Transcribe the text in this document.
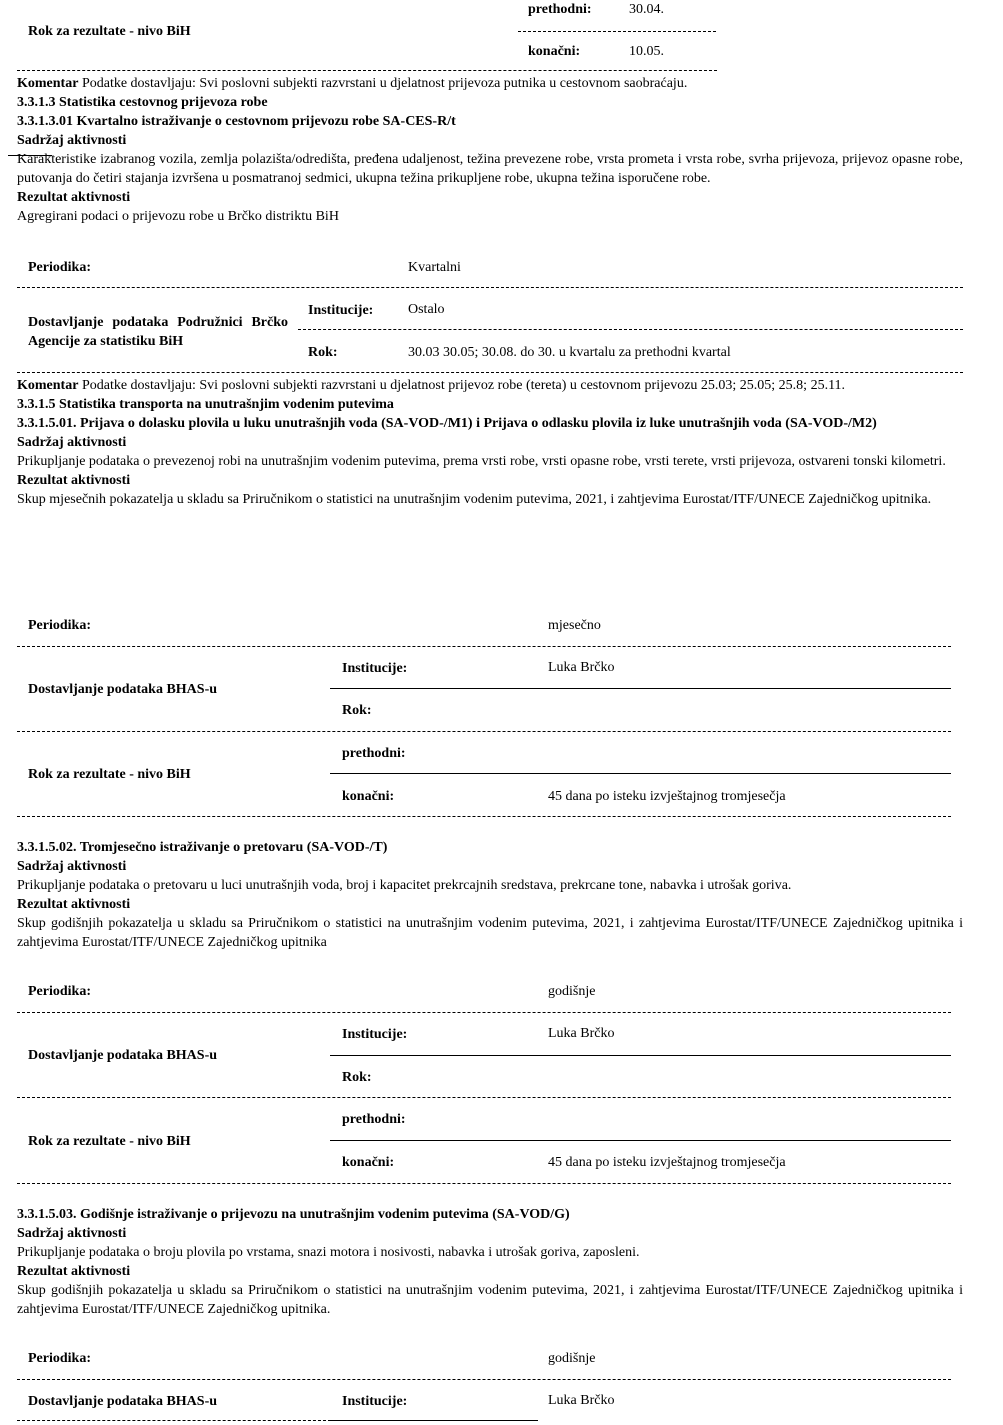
Rok za rezultate - nivo BiH
prethodni:	30.04.
konačni:	10.05.

Komentar Podatke dostavljaju: Svi poslovni subjekti razvrstani u djelatnost prijevoza putnika u cestovnom saobraćaju.

3.3.1.3 Statistika cestovnog prijevoza robe

3.3.1.3.01 Kvartalno istraživanje o cestovnom prijevozu robe SA-CES-R/t

Sadržaj aktivnosti

Karakteristike izabranog vozila, zemlja polazišta/odredišta, pređena udaljenost, težina prevezene robe, vrsta prometa i vrsta robe, svrha prijevoza, prijevoz opasne robe, putovanja do četiri stajanja izvršena u posmatranoj sedmici, ukupna težina prikupljene robe, ukupna težina isporučene robe.

Rezultat aktivnosti

Agregirani podaci o prijevozu robe u Brčko distriktu BiH

Periodika:	Kvartalni
Dostavljanje podataka Podružnici Brčko Agencije za statistiku BiH
Institucije: Ostalo
Rok:	30.03 30.05; 30.08. do 30. u kvartalu za prethodni kvartal

Komentar Podatke dostavljaju: Svi poslovni subjekti razvrstani u djelatnost prijevoz robe (tereta) u cestovnom prijevozu 25.03; 25.05; 25.8; 25.11.

3.3.1.5 Statistika transporta na unutrašnjim vodenim putevima

3.3.1.5.01. Prijava o dolasku plovila u luku unutrašnjih voda (SA-VOD-/M1) i Prijava o odlasku plovila iz luke unutrašnjih voda (SA-VOD-/M2)

Sadržaj aktivnosti

Prikupljanje podataka o prevezenoj robi na unutrašnjim vodenim putevima, prema vrsti robe, vrsti opasne robe, vrsti terete, vrsti prijevoza, ostvareni tonski kilometri.

Rezultat aktivnosti

Skup mjesečnih pokazatelja u skladu sa Priručnikom o statistici na unutrašnjim vodenim putevima, 2021, i zahtjevima Eurostat/ITF/UNECE Zajedničkog upitnika.

Periodika:	mjesečno
Dostavljanje podataka BHAS-u
Institucije:	Luka Brčko
Rok:
Rok za rezultate - nivo BiH
prethodni:
konačni:	45 dana po isteku izvještajnog tromjesečja

3.3.1.5.02. Tromjesečno istraživanje o pretovaru (SA-VOD-/T)

Sadržaj aktivnosti

Prikupljanje podataka o pretovaru u luci unutrašnjih voda, broj i kapacitet prekrcajnih sredstava, prekrcane tone, nabavka i utrošak goriva.

Rezultat aktivnosti

Skup godišnjih pokazatelja u skladu sa Priručnikom o statistici na unutrašnjim vodenim putevima, 2021, i zahtjevima Eurostat/ITF/UNECE Zajedničkog upitnika i zahtjevima Eurostat/ITF/UNECE Zajedničkog upitnika

Periodika:	godišnje
Dostavljanje podataka BHAS-u
Institucije:	Luka Brčko
Rok:
Rok za rezultate - nivo BiH
prethodni:
konačni:	45 dana po isteku izvještajnog tromjesečja

3.3.1.5.03. Godišnje istraživanje o prijevozu na unutrašnjim vodenim putevima (SA-VOD/G)

Sadržaj aktivnosti

Prikupljanje podataka o broju plovila po vrstama, snazi motora i nosivosti, nabavka i utrošak goriva, zaposleni.

Rezultat aktivnosti

Skup godišnjih pokazatelja u skladu sa Priručnikom o statistici na unutrašnjim vodenim putevima, 2021, i zahtjevima Eurostat/ITF/UNECE Zajedničkog upitnika i zahtjevima Eurostat/ITF/UNECE Zajedničkog upitnika.

Periodika:	godišnje
Dostavljanje podataka BHAS-u	Institucije:	Luka Brčko
